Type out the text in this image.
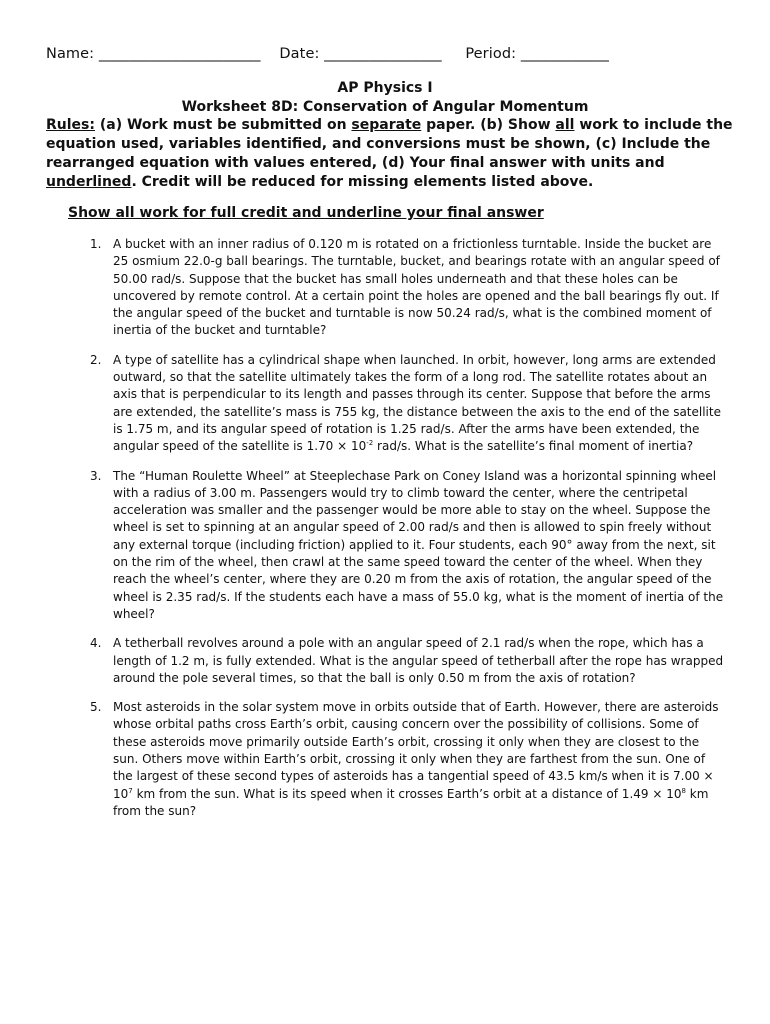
Name: ______________________ Date: ________________ Period: ____________
AP Physics I
Worksheet 8D: Conservation of Angular Momentum
Rules: (a) Work must be submitted on separate paper. (b) Show all work to include the equation used, variables identified, and conversions must be shown, (c) Include the rearranged equation with values entered, (d) Your final answer with units and underlined. Credit will be reduced for missing elements listed above.
Show all work for full credit and underline your final answer
1. A bucket with an inner radius of 0.120 m is rotated on a frictionless turntable. Inside the bucket are 25 osmium 22.0-g ball bearings. The turntable, bucket, and bearings rotate with an angular speed of 50.00 rad/s. Suppose that the bucket has small holes underneath and that these holes can be uncovered by remote control. At a certain point the holes are opened and the ball bearings fly out. If the angular speed of the bucket and turntable is now 50.24 rad/s, what is the combined moment of inertia of the bucket and turntable?
2. A type of satellite has a cylindrical shape when launched. In orbit, however, long arms are extended outward, so that the satellite ultimately takes the form of a long rod. The satellite rotates about an axis that is perpendicular to its length and passes through its center. Suppose that before the arms are extended, the satellite’s mass is 755 kg, the distance between the axis to the end of the satellite is 1.75 m, and its angular speed of rotation is 1.25 rad/s. After the arms have been extended, the angular speed of the satellite is $1.70 \times 10^{-2}$ rad/s. What is the satellite’s final moment of inertia?
3. The “Human Roulette Wheel” at Steeplechase Park on Coney Island was a horizontal spinning wheel with a radius of 3.00 m. Passengers would try to climb toward the center, where the centripetal acceleration was smaller and the passenger would be more able to stay on the wheel. Suppose the wheel is set to spinning at an angular speed of 2.00 rad/s and then is allowed to spin freely without any external torque (including friction) applied to it. Four students, each 90° away from the next, sit on the rim of the wheel, then crawl at the same speed toward the center of the wheel. When they reach the wheel’s center, where they are 0.20 m from the axis of rotation, the angular speed of the wheel is 2.35 rad/s. If the students each have a mass of 55.0 kg, what is the moment of inertia of the wheel?
4. A tetherball revolves around a pole with an angular speed of 2.1 rad/s when the rope, which has a length of 1.2 m, is fully extended. What is the angular speed of tetherball after the rope has wrapped around the pole several times, so that the ball is only 0.50 m from the axis of rotation?
5. Most asteroids in the solar system move in orbits outside that of Earth. However, there are asteroids whose orbital paths cross Earth’s orbit, causing concern over the possibility of collisions. Some of these asteroids move primarily outside Earth’s orbit, crossing it only when they are closest to the sun. Others move within Earth’s orbit, crossing it only when they are farthest from the sun. One of the largest of these second types of asteroids has a tangential speed of 43.5 km/s when it is $7.00 \times 10^7$ km from the sun. What is its speed when it crosses Earth’s orbit at a distance of $1.49 \times 10^8$ km from the sun?
